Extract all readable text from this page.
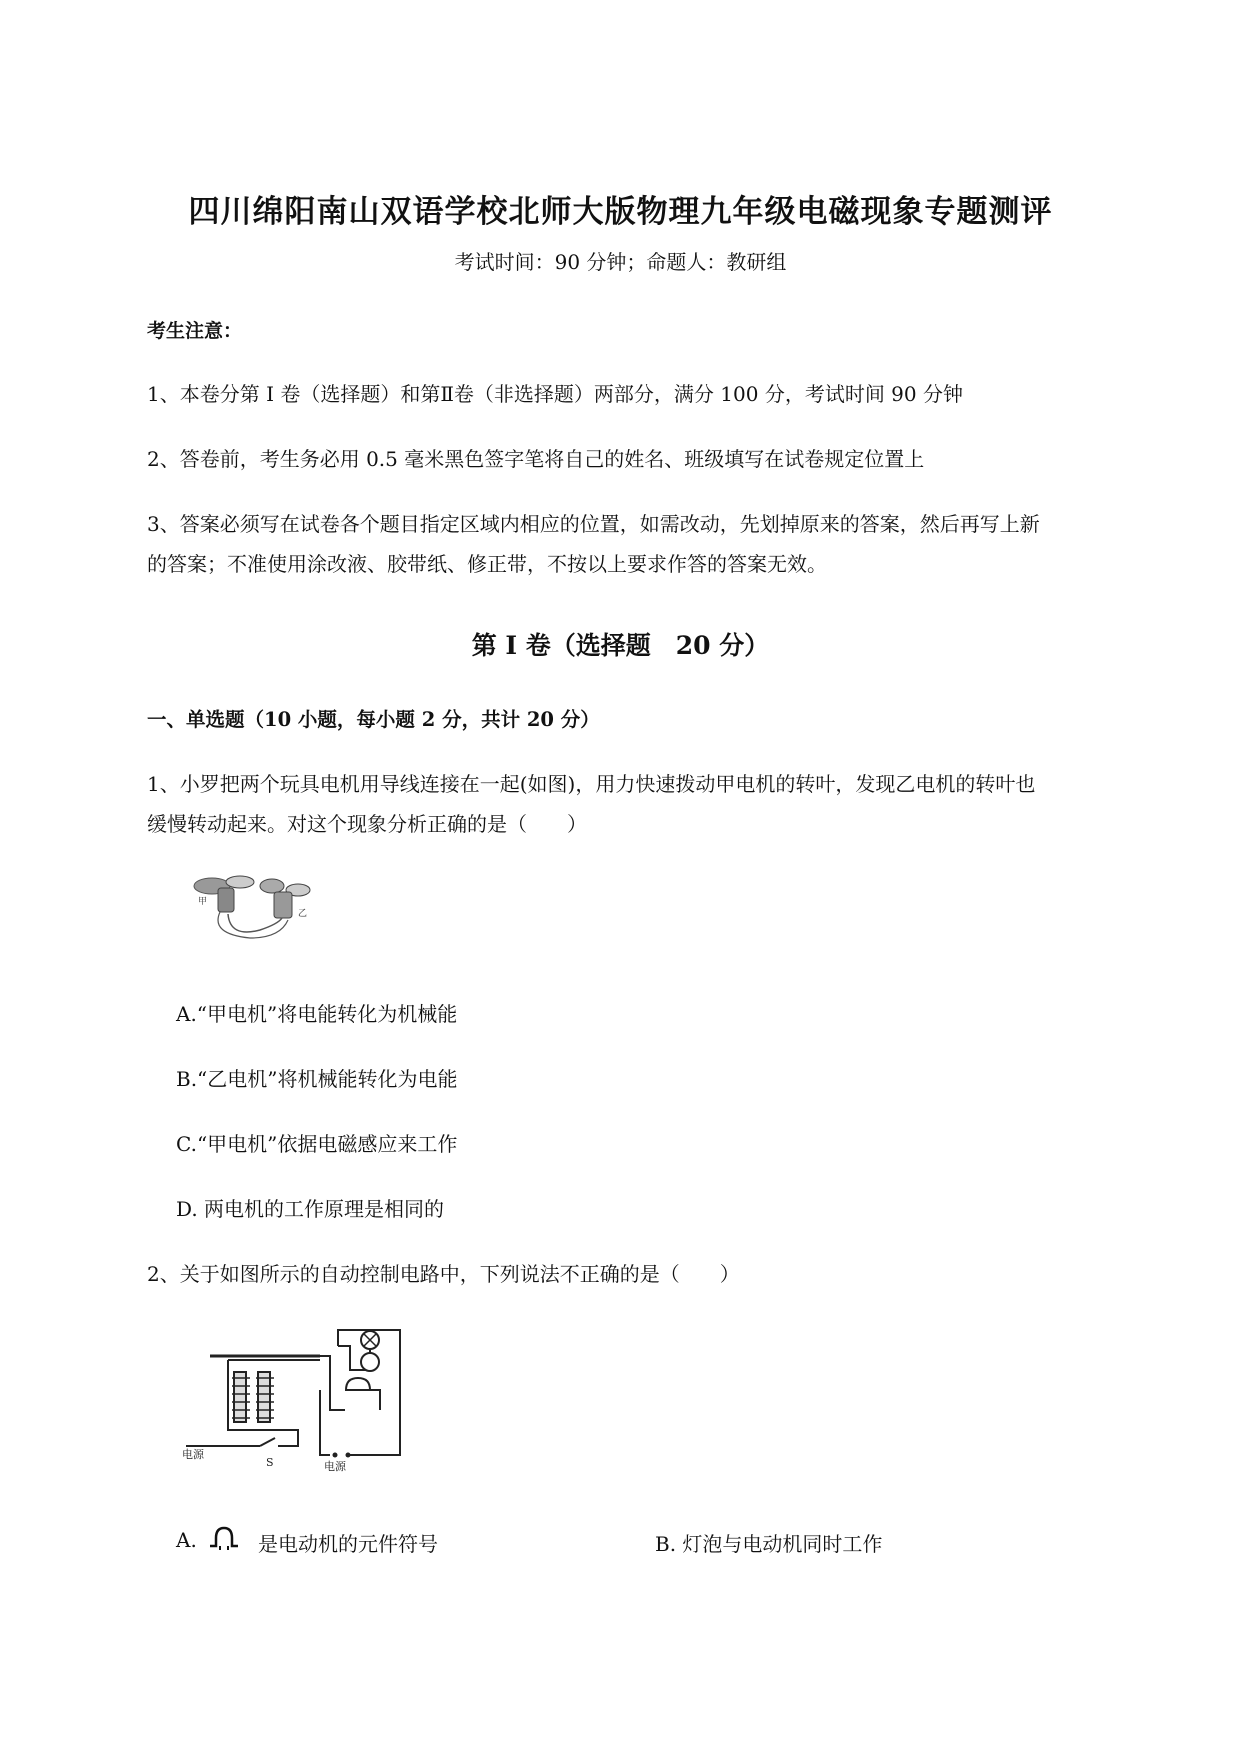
四川绵阳南山双语学校北师大版物理九年级电磁现象专题测评
考试时间：90 分钟；命题人：教研组
考生注意：
1、本卷分第 I 卷（选择题）和第Ⅱ卷（非选择题）两部分，满分 100 分，考试时间 90 分钟
2、答卷前，考生务必用 0.5 毫米黑色签字笔将自己的姓名、班级填写在试卷规定位置上
3、答案必须写在试卷各个题目指定区域内相应的位置，如需改动，先划掉原来的答案，然后再写上新
的答案；不准使用涂改液、胶带纸、修正带，不按以上要求作答的答案无效。
第 I 卷（选择题　20 分）
一、单选题（10 小题，每小题 2 分，共计 20 分）
1、小罗把两个玩具电机用导线连接在一起(如图)，用力快速拨动甲电机的转叶，发现乙电机的转叶也
缓慢转动起来。对这个现象分析正确的是（　　）
甲
乙
A.“甲电机”将电能转化为机械能
B.“乙电机”将机械能转化为电能
C.“甲电机”依据电磁感应来工作
D. 两电机的工作原理是相同的
2、关于如图所示的自动控制电路中，下列说法不正确的是（　　）
电源
S	电源
A.	是电动机的元件符号	B. 灯泡与电动机同时工作
